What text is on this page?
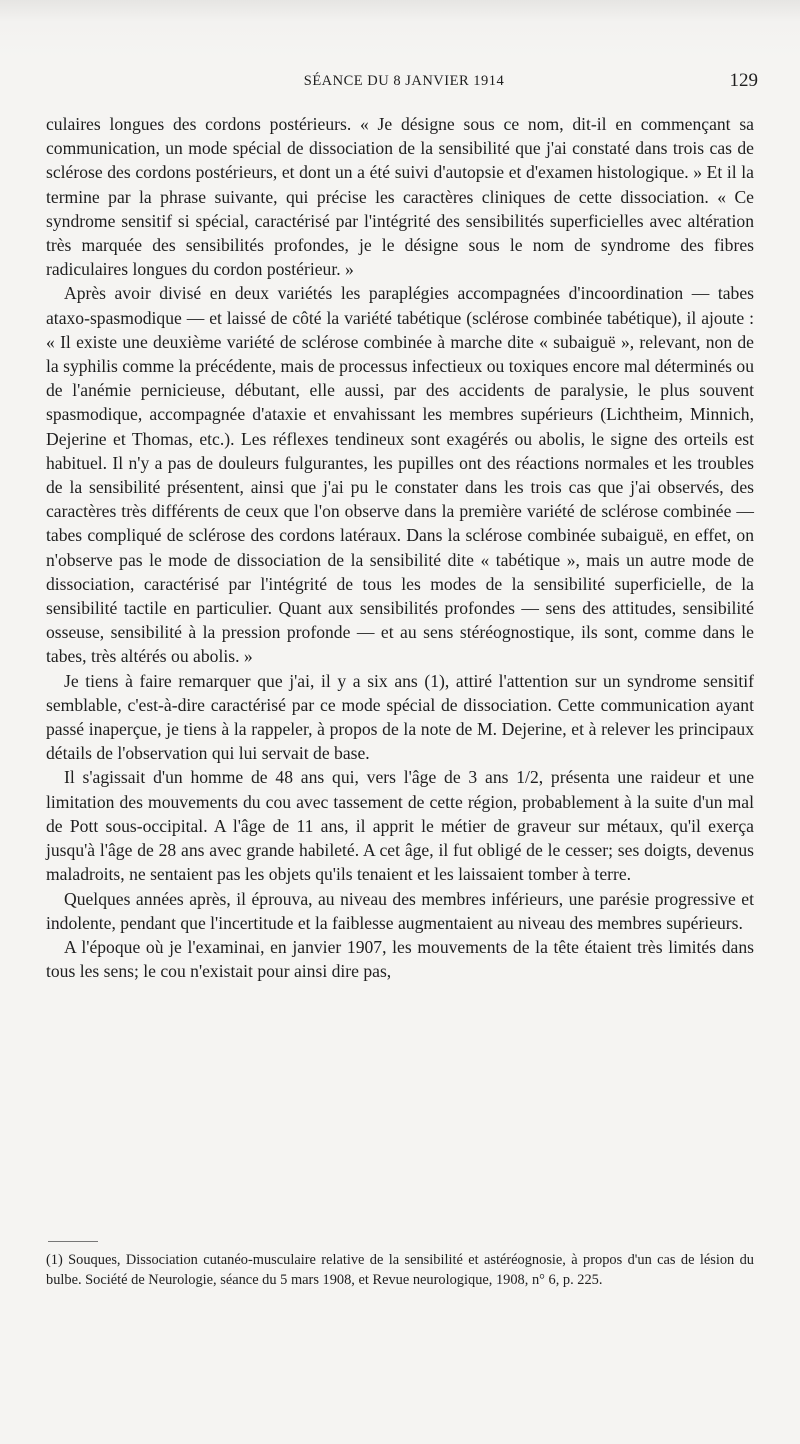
SÉANCE DU 8 JANVIER 1914	129

culaires longues des cordons postérieurs. « Je désigne sous ce nom, dit-il en commençant sa communication, un mode spécial de dissociation de la sensibilité que j'ai constaté dans trois cas de sclérose des cordons postérieurs, et dont un a été suivi d'autopsie et d'examen histologique. » Et il la termine par la phrase suivante, qui précise les caractères cliniques de cette dissociation. « Ce syndrome sensitif si spécial, caractérisé par l'intégrité des sensibilités superficielles avec altération très marquée des sensibilités profondes, je le désigne sous le nom de syndrome des fibres radiculaires longues du cordon postérieur. »

Après avoir divisé en deux variétés les paraplégies accompagnées d'incoordination — tabes ataxo-spasmodique — et laissé de côté la variété tabétique (sclérose combinée tabétique), il ajoute : « Il existe une deuxième variété de sclérose combinée à marche dite « subaiguë », relevant, non de la syphilis comme la précédente, mais de processus infectieux ou toxiques encore mal déterminés ou de l'anémie pernicieuse, débutant, elle aussi, par des accidents de paralysie, le plus souvent spasmodique, accompagnée d'ataxie et envahissant les membres supérieurs (Lichtheim, Minnich, Dejerine et Thomas, etc.). Les réflexes tendineux sont exagérés ou abolis, le signe des orteils est habituel. Il n'y a pas de douleurs fulgurantes, les pupilles ont des réactions normales et les troubles de la sensibilité présentent, ainsi que j'ai pu le constater dans les trois cas que j'ai observés, des caractères très différents de ceux que l'on observe dans la première variété de sclérose combinée — tabes compliqué de sclérose des cordons latéraux. Dans la sclérose combinée subaiguë, en effet, on n'observe pas le mode de dissociation de la sensibilité dite « tabétique », mais un autre mode de dissociation, caractérisé par l'intégrité de tous les modes de la sensibilité superficielle, de la sensibilité tactile en particulier. Quant aux sensibilités profondes — sens des attitudes, sensibilité osseuse, sensibilité à la pression profonde — et au sens stéréognostique, ils sont, comme dans le tabes, très altérés ou abolis. »

Je tiens à faire remarquer que j'ai, il y a six ans (1), attiré l'attention sur un syndrome sensitif semblable, c'est-à-dire caractérisé par ce mode spécial de dissociation. Cette communication ayant passé inaperçue, je tiens à la rappeler, à propos de la note de M. Dejerine, et à relever les principaux détails de l'observation qui lui servait de base.

Il s'agissait d'un homme de 48 ans qui, vers l'âge de 3 ans 1/2, présenta une raideur et une limitation des mouvements du cou avec tassement de cette région, probablement à la suite d'un mal de Pott sous-occipital. A l'âge de 11 ans, il apprit le métier de graveur sur métaux, qu'il exerça jusqu'à l'âge de 28 ans avec grande habileté. A cet âge, il fut obligé de le cesser; ses doigts, devenus maladroits, ne sentaient pas les objets qu'ils tenaient et les laissaient tomber à terre.

Quelques années après, il éprouva, au niveau des membres inférieurs, une parésie progressive et indolente, pendant que l'incertitude et la faiblesse augmentaient au niveau des membres supérieurs.

A l'époque où je l'examinai, en janvier 1907, les mouvements de la tête étaient très limités dans tous les sens; le cou n'existait pour ainsi dire pas,

(1) Souques, Dissociation cutanéo-musculaire relative de la sensibilité et astéréognosie, à propos d'un cas de lésion du bulbe. Société de Neurologie, séance du 5 mars 1908, et Revue neurologique, 1908, n° 6, p. 225.
